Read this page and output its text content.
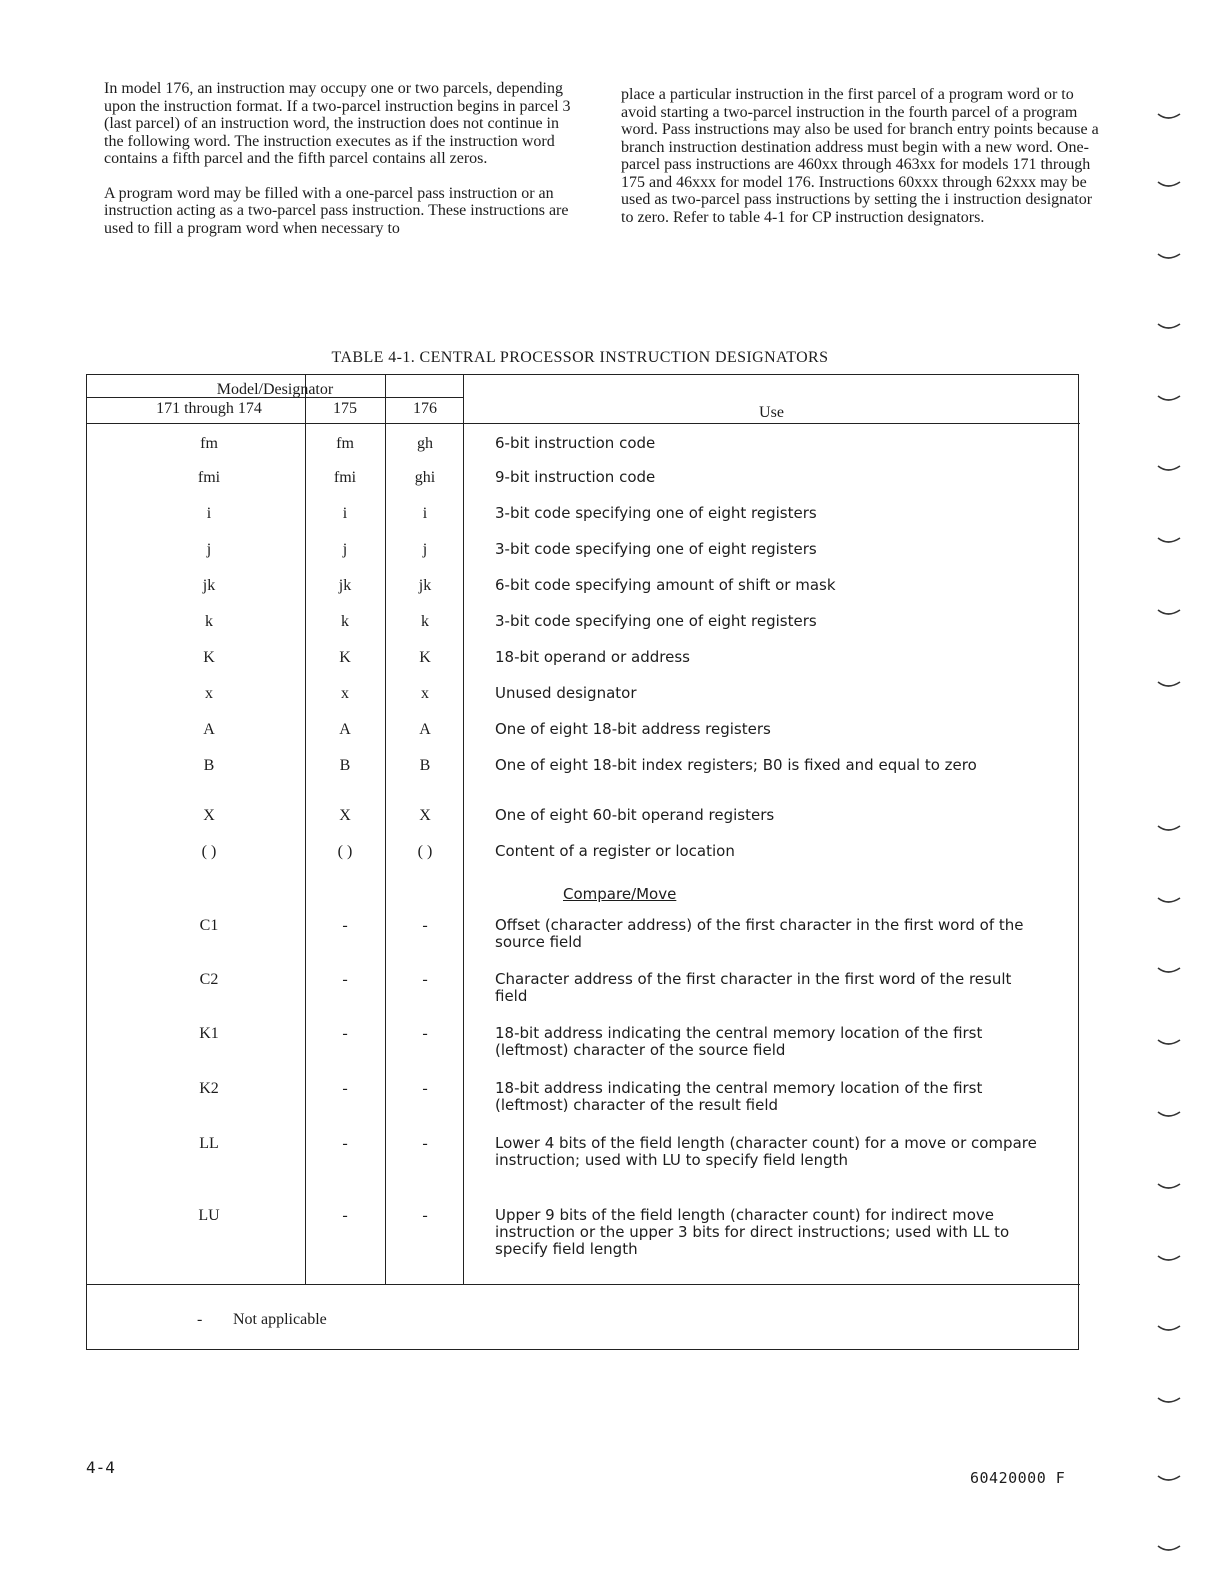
In model 176, an instruction may occupy one or two parcels, depending upon the instruction format. If a two-parcel instruction begins in parcel 3 (last parcel) of an instruction word, the instruction does not continue in the following word. The instruction executes as if the instruction word contains a fifth parcel and the fifth parcel contains all zeros.

A program word may be filled with a one-parcel pass instruction or an instruction acting as a two-parcel pass instruction. These instructions are used to fill a program word when necessary to

place a particular instruction in the first parcel of a program word or to avoid starting a two-parcel instruction in the fourth parcel of a program word. Pass instructions may also be used for branch entry points because a branch instruction destination address must begin with a new word. One-parcel pass instructions are 460xx through 463xx for models 171 through 175 and 46xxx for model 176. Instructions 60xxx through 62xxx may be used as two-parcel pass instructions by setting the i instruction designator to zero. Refer to table 4-1 for CP instruction designators.

TABLE 4-1. CENTRAL PROCESSOR INSTRUCTION DESIGNATORS
Model/Designator
171 through 174	175	176	Use
fm	fm	gh	6-bit instruction code
fmi	fmi	ghi	9-bit instruction code
i	i	i	3-bit code specifying one of eight registers
j	j	j	3-bit code specifying one of eight registers
jk	jk	jk	6-bit code specifying amount of shift or mask
k	k	k	3-bit code specifying one of eight registers
K	K	K	18-bit operand or address
x	x	x	Unused designator
A	A	A	One of eight 18-bit address registers
B	B	B	One of eight 18-bit index registers; B0 is fixed and equal to zero
X	X	X	One of eight 60-bit operand registers
( )	( )	( )	Content of a register or location
Compare/Move
C1	-	-	Offset (character address) of the first character in the first word of the source field
C2	-	-	Character address of the first character in the first word of the result field
K1	-	-	18-bit address indicating the central memory location of the first (leftmost) character of the source field
K2	-	-	18-bit address indicating the central memory location of the first (leftmost) character of the result field
LL	-	-	Lower 4 bits of the field length (character count) for a move or compare instruction; used with LU to specify field length
LU	-	-	Upper 9 bits of the field length (character count) for indirect move instruction or the upper 3 bits for direct instructions; used with LL to specify field length
- Not applicable
4-4
60420000 F
